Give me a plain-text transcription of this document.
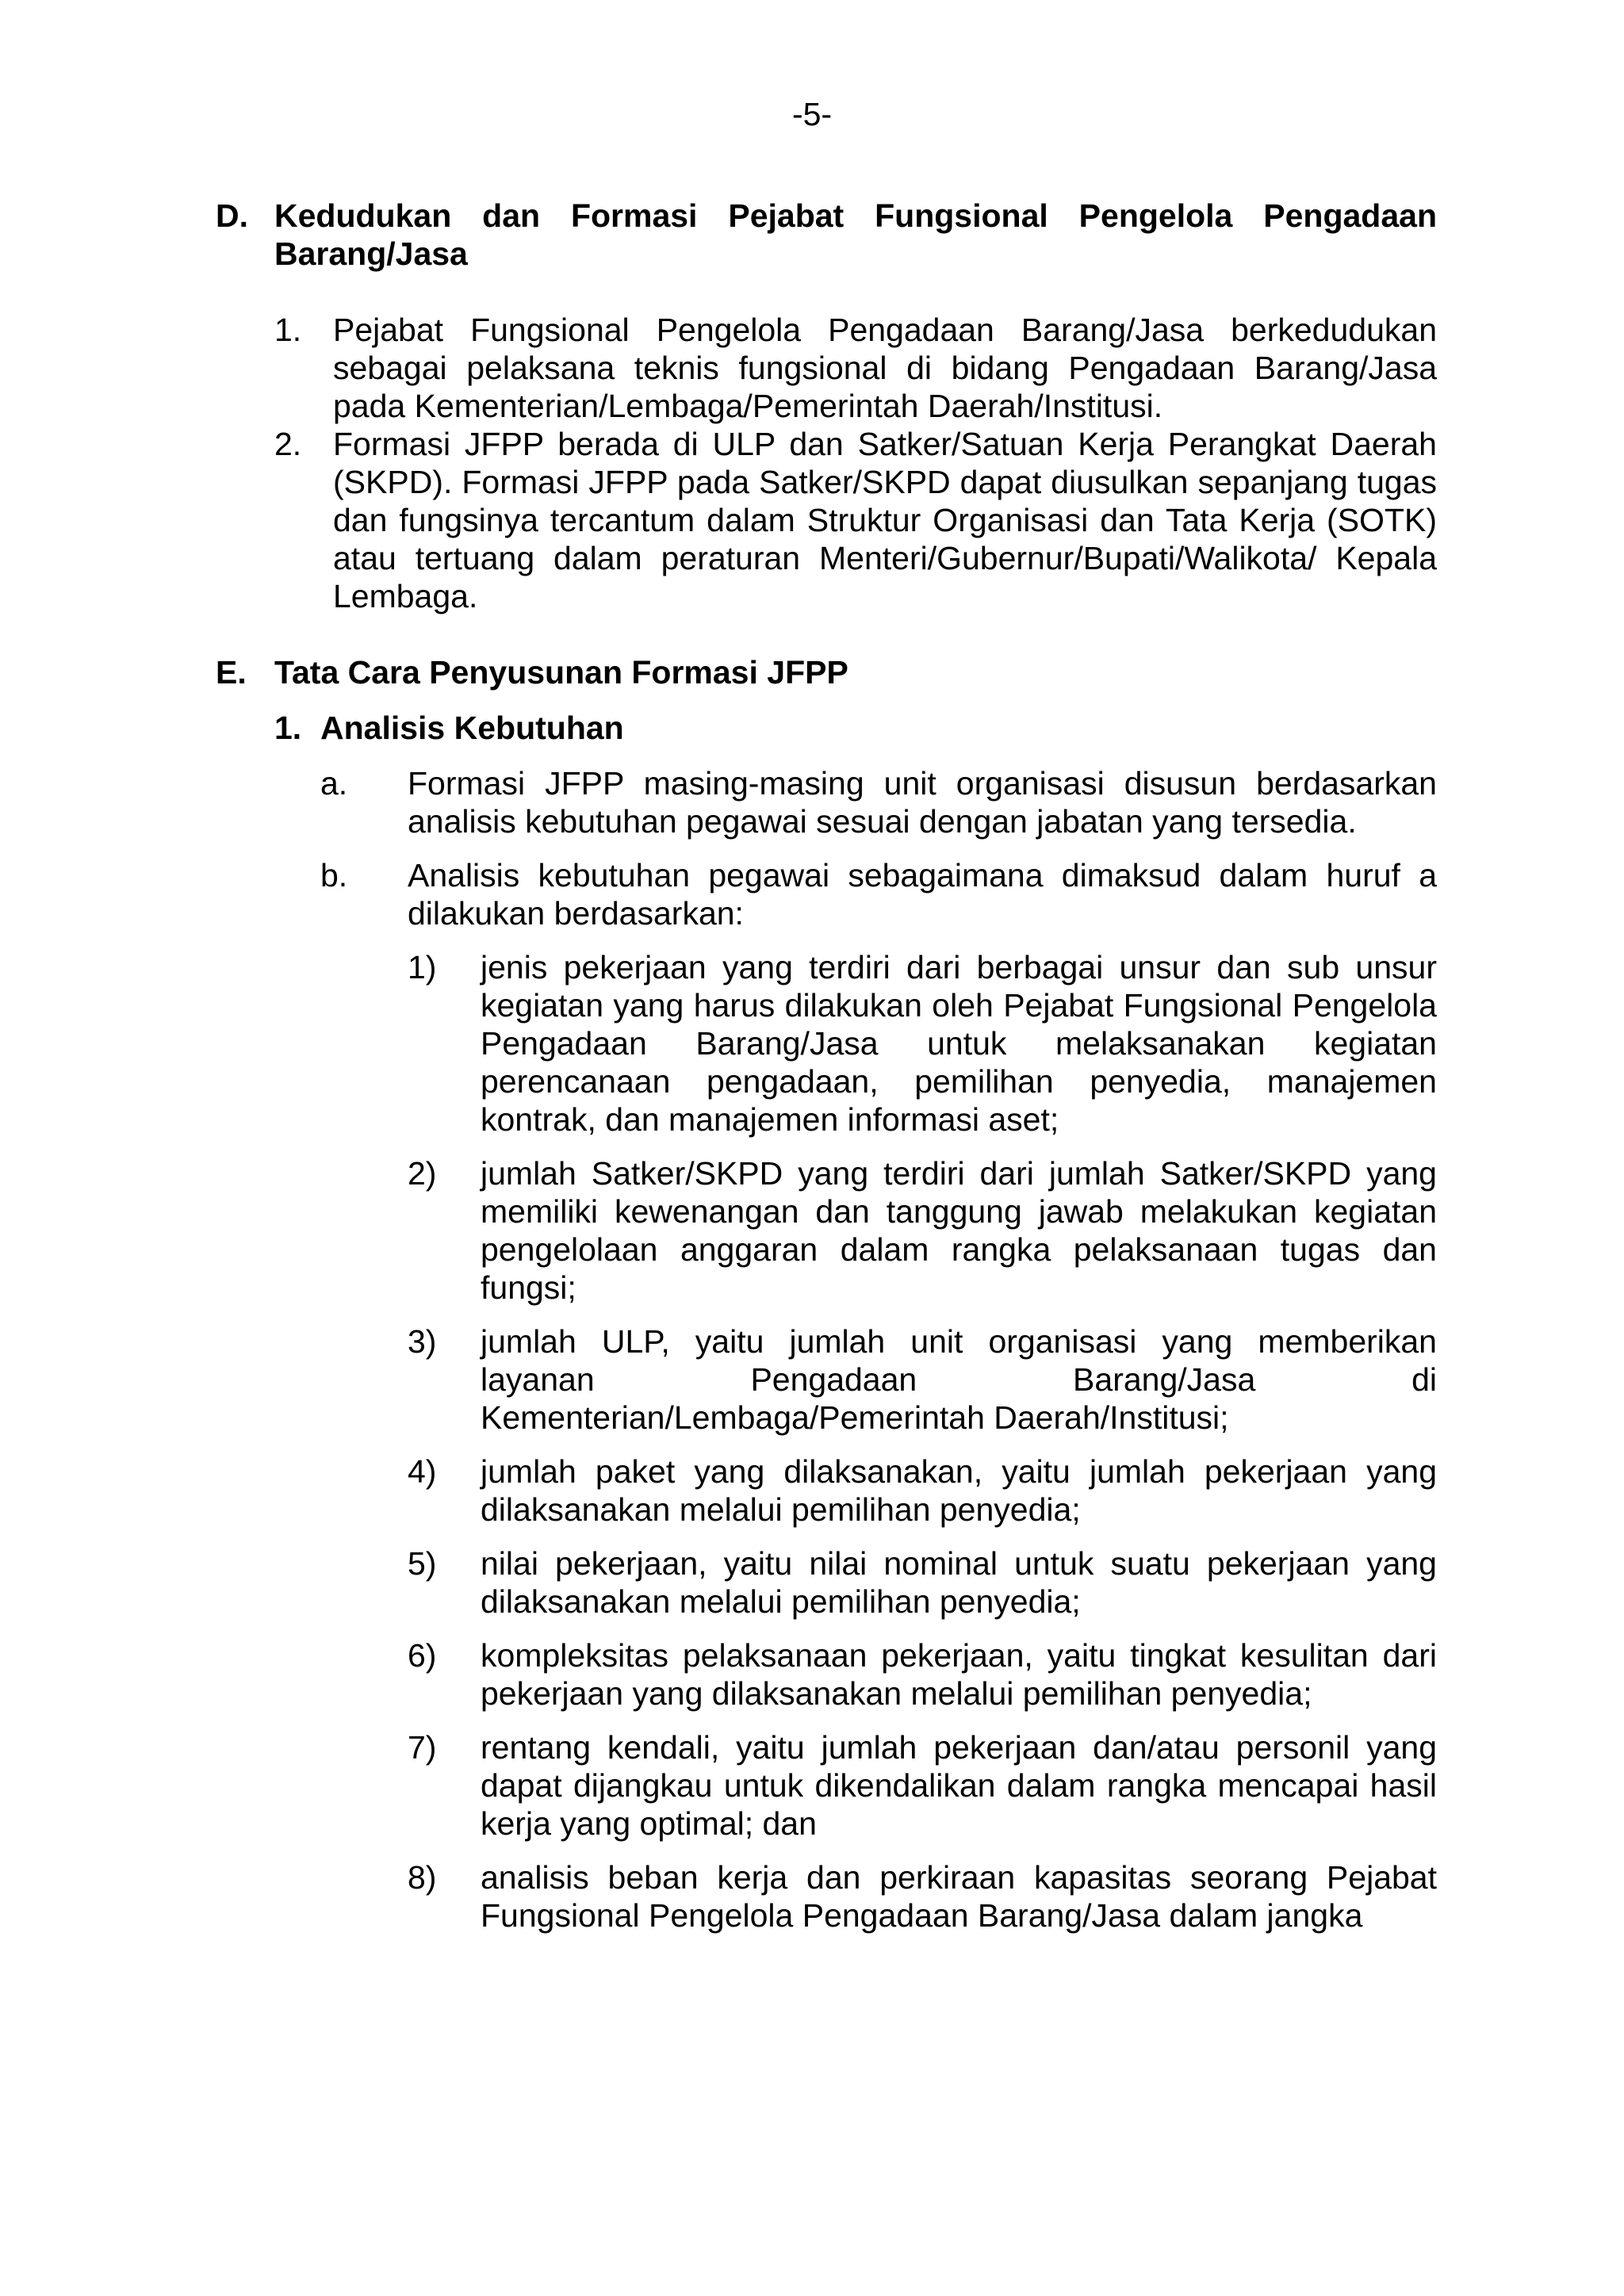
-5-
D. Kedudukan dan Formasi Pejabat Fungsional Pengelola Pengadaan Barang/Jasa
1. Pejabat Fungsional Pengelola Pengadaan Barang/Jasa berkedudukan sebagai pelaksana teknis fungsional di bidang Pengadaan Barang/Jasa pada Kementerian/Lembaga/Pemerintah Daerah/Institusi.
2. Formasi JFPP berada di ULP dan Satker/Satuan Kerja Perangkat Daerah (SKPD). Formasi JFPP pada Satker/SKPD dapat diusulkan sepanjang tugas dan fungsinya tercantum dalam Struktur Organisasi dan Tata Kerja (SOTK) atau tertuang dalam peraturan Menteri/Gubernur/Bupati/Walikota/ Kepala Lembaga.
E. Tata Cara Penyusunan Formasi JFPP
1. Analisis Kebutuhan
a.	Formasi JFPP masing-masing unit organisasi disusun berdasarkan analisis kebutuhan pegawai sesuai dengan jabatan yang tersedia.
b.	Analisis kebutuhan pegawai sebagaimana dimaksud dalam huruf a dilakukan berdasarkan:
1)	jenis pekerjaan yang terdiri dari berbagai unsur dan sub unsur kegiatan yang harus dilakukan oleh Pejabat Fungsional Pengelola Pengadaan Barang/Jasa untuk melaksanakan kegiatan perencanaan pengadaan, pemilihan penyedia, manajemen kontrak, dan manajemen informasi aset;
2)	jumlah Satker/SKPD yang terdiri dari jumlah Satker/SKPD yang memiliki kewenangan dan tanggung jawab melakukan kegiatan pengelolaan anggaran dalam rangka pelaksanaan tugas dan fungsi;
3)	jumlah ULP, yaitu jumlah unit organisasi yang memberikan layanan Pengadaan Barang/Jasa di Kementerian/Lembaga/Pemerintah Daerah/Institusi;
4)	jumlah paket yang dilaksanakan, yaitu jumlah pekerjaan yang dilaksanakan melalui pemilihan penyedia;
5)	nilai pekerjaan, yaitu nilai nominal untuk suatu pekerjaan yang dilaksanakan melalui pemilihan penyedia;
6)	kompleksitas pelaksanaan pekerjaan, yaitu tingkat kesulitan dari pekerjaan yang dilaksanakan melalui pemilihan penyedia;
7)	rentang kendali, yaitu jumlah pekerjaan dan/atau personil yang dapat dijangkau untuk dikendalikan dalam rangka mencapai hasil kerja yang optimal; dan
8)	analisis beban kerja dan perkiraan kapasitas seorang Pejabat Fungsional Pengelola Pengadaan Barang/Jasa dalam jangka
